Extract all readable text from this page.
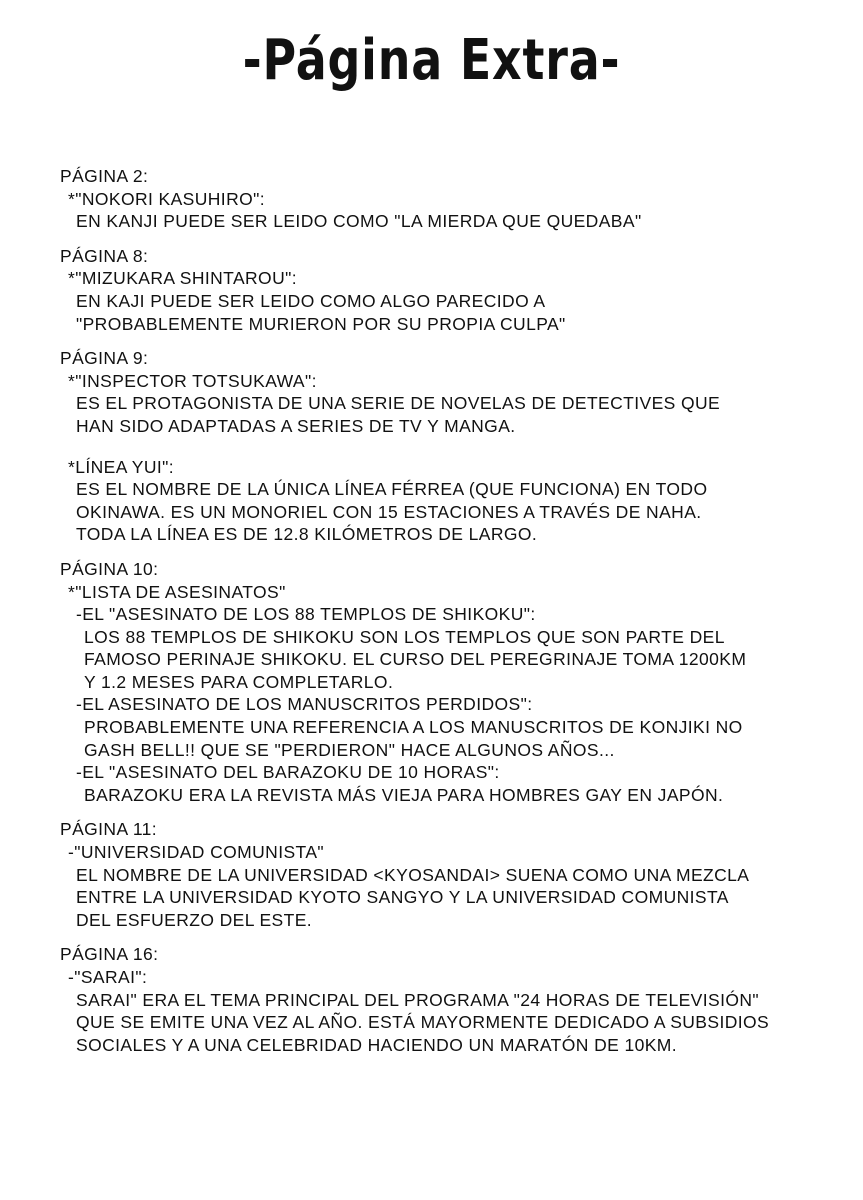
-Página Extra-
PÁGINA 2:
*"NOKORI KASUHIRO":
EN KANJI PUEDE SER LEIDO COMO "LA MIERDA QUE QUEDABA"
PÁGINA 8:
*"MIZUKARA SHINTAROU":
EN KAJI PUEDE SER LEIDO COMO ALGO PARECIDO A
"PROBABLEMENTE MURIERON POR SU PROPIA CULPA"
PÁGINA 9:
*"INSPECTOR TOTSUKAWA":
ES EL PROTAGONISTA DE UNA SERIE DE NOVELAS DE DETECTIVES QUE
HAN SIDO ADAPTADAS A SERIES DE TV Y MANGA.
*LÍNEA YUI":
ES EL NOMBRE DE LA ÚNICA LÍNEA FÉRREA (QUE FUNCIONA) EN TODO
OKINAWA. ES UN MONORIEL CON 15 ESTACIONES A TRAVÉS DE NAHA.
TODA LA LÍNEA ES DE 12.8 KILÓMETROS DE LARGO.
PÁGINA 10:
*"LISTA DE ASESINATOS"
-EL "ASESINATO DE LOS 88 TEMPLOS DE SHIKOKU":
LOS 88 TEMPLOS DE SHIKOKU SON LOS TEMPLOS QUE SON PARTE DEL
FAMOSO PERINAJE SHIKOKU. EL CURSO DEL PEREGRINAJE TOMA 1200KM
Y 1.2 MESES PARA COMPLETARLO.
-EL ASESINATO DE LOS MANUSCRITOS PERDIDOS":
PROBABLEMENTE UNA REFERENCIA A LOS MANUSCRITOS DE KONJIKI NO
GASH BELL!! QUE SE "PERDIERON" HACE ALGUNOS AÑOS...
-EL "ASESINATO DEL BARAZOKU DE 10 HORAS":
BARAZOKU ERA LA REVISTA MÁS VIEJA PARA HOMBRES GAY EN JAPÓN.
PÁGINA 11:
-"UNIVERSIDAD COMUNISTA"
EL NOMBRE DE LA UNIVERSIDAD <KYOSANDAI> SUENA COMO UNA MEZCLA
ENTRE LA UNIVERSIDAD KYOTO SANGYO Y LA UNIVERSIDAD COMUNISTA
DEL ESFUERZO DEL ESTE.
PÁGINA 16:
-"SARAI":
SARAI" ERA EL TEMA PRINCIPAL DEL PROGRAMA "24 HORAS DE TELEVISIÓN"
QUE SE EMITE UNA VEZ AL AÑO. ESTÁ MAYORMENTE DEDICADO A SUBSIDIOS
SOCIALES Y A UNA CELEBRIDAD HACIENDO UN MARATÓN DE 10KM.
